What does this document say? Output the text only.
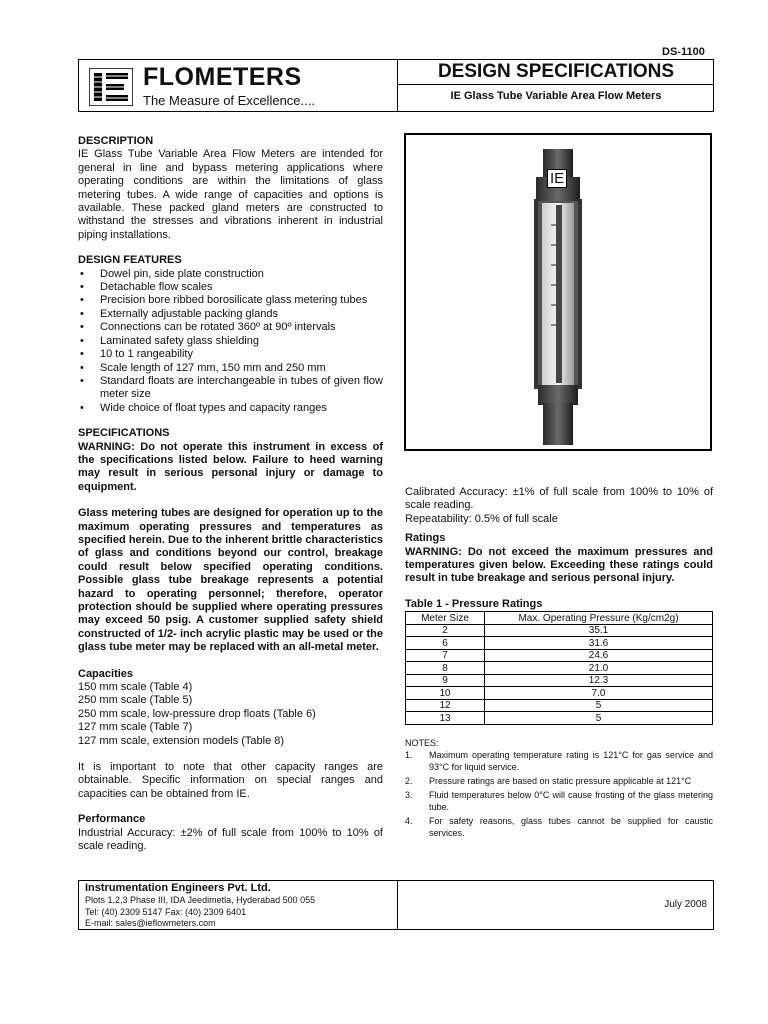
DS-1100
FLOMETERS
The Measure of Excellence....
DESIGN SPECIFICATIONS
IE Glass Tube Variable Area Flow Meters
DESCRIPTION
IE Glass Tube Variable Area Flow Meters are intended for general in line and bypass metering applications where operating conditions are within the limitations of glass metering tubes. A wide range of capacities and options is available. These packed gland meters are constructed to withstand the stresses and vibrations inherent in industrial piping installations.
DESIGN FEATURES
• Dowel pin, side plate construction
• Detachable flow scales
• Precision bore ribbed borosilicate glass metering tubes
• Externally adjustable packing glands
• Connections can be rotated 360º at 90º intervals
• Laminated safety glass shielding
• 10 to 1 rangeability
• Scale length of 127 mm, 150 mm and 250 mm
• Standard floats are interchangeable in tubes of given flow meter size
• Wide choice of float types and capacity ranges
SPECIFICATIONS
WARNING: Do not operate this instrument in excess of the specifications listed below. Failure to heed warning may result in serious personal injury or damage to equipment.
Glass metering tubes are designed for operation up to the maximum operating pressures and temperatures as specified herein. Due to the inherent brittle characteristics of glass and conditions beyond our control, breakage could result below specified operating conditions. Possible glass tube breakage represents a potential hazard to operating personnel; therefore, operator protection should be supplied where operating pressures may exceed 50 psig. A customer supplied safety shield constructed of 1/2- inch acrylic plastic may be used or the glass tube meter may be replaced with an all-metal meter.
Capacities
150 mm scale (Table 4)
250 mm scale (Table 5)
250 mm scale, low-pressure drop floats (Table 6)
127 mm scale (Table 7)
127 mm scale, extension models (Table 8)
It is important to note that other capacity ranges are obtainable. Specific information on special ranges and capacities can be obtained from IE.
Performance
Industrial Accuracy: ±2% of full scale from 100% to 10% of scale reading.
IE
Calibrated Accuracy: ±1% of full scale from 100% to 10% of scale reading.
Repeatability: 0.5% of full scale
Ratings
WARNING: Do not exceed the maximum pressures and temperatures given below. Exceeding these ratings could result in tube breakage and serious personal injury.
Table 1 - Pressure Ratings
Meter Size	Max. Operating Pressure (Kg/cm2g)
2	35.1
6	31.6
7	24.6
8	21.0
9	12.3
10	7.0
12	5
13	5
NOTES:
1. Maximum operating temperature rating is 121°C for gas service and 93°C for liquid service.
2. Pressure ratings are based on static pressure applicable at 121°C
3. Fluid temperatures below 0°C will cause frosting of the glass metering tube.
4. For safety reasons, glass tubes cannot be supplied for caustic services.
Instrumentation Engineers Pvt. Ltd.
Plots 1,2,3 Phase III, IDA Jeedimetla, Hyderabad 500 055
Tel: (40) 2309 5147 Fax: (40) 2309 6401
E-mail: sales@ieflowmeters.com
July 2008
